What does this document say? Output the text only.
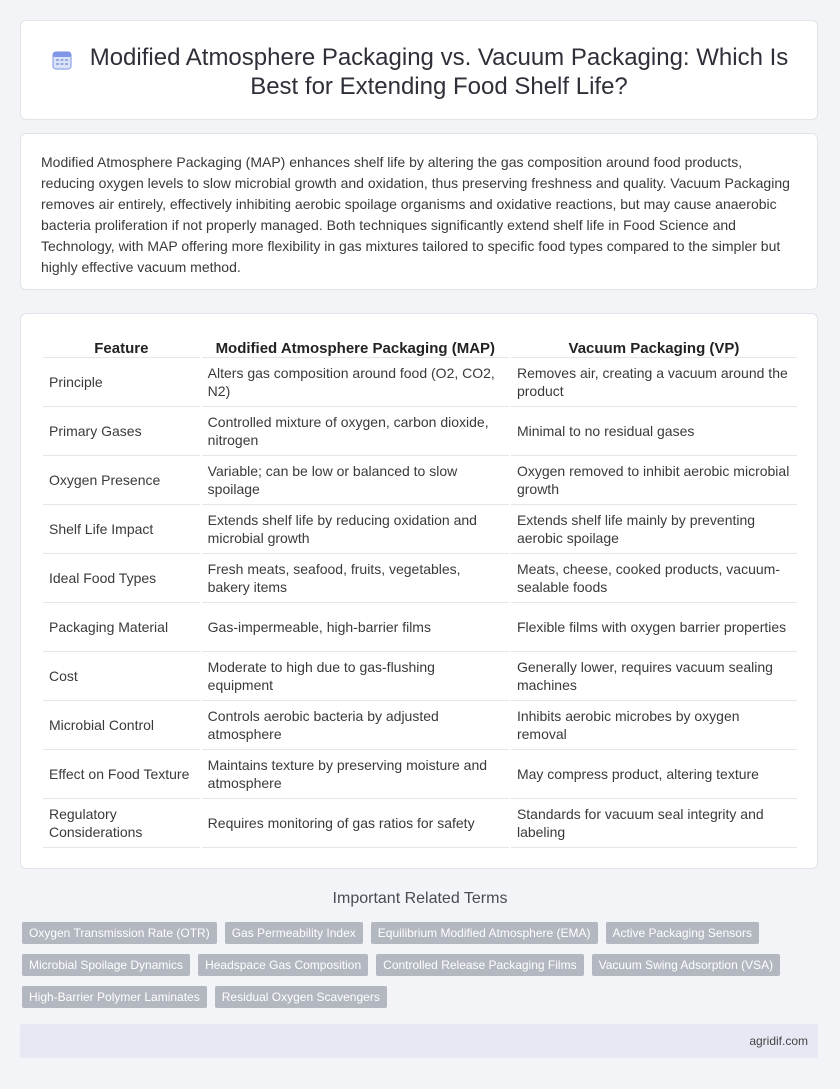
Modified Atmosphere Packaging vs. Vacuum Packaging: Which Is Best for Extending Food Shelf Life?

Modified Atmosphere Packaging (MAP) enhances shelf life by altering the gas composition around food products, reducing oxygen levels to slow microbial growth and oxidation, thus preserving freshness and quality. Vacuum Packaging removes air entirely, effectively inhibiting aerobic spoilage organisms and oxidative reactions, but may cause anaerobic bacteria proliferation if not properly managed. Both techniques significantly extend shelf life in Food Science and Technology, with MAP offering more flexibility in gas mixtures tailored to specific food types compared to the simpler but highly effective vacuum method.

Feature	Modified Atmosphere Packaging (MAP)	Vacuum Packaging (VP)
Principle	Alters gas composition around food (O2, CO2, N2)	Removes air, creating a vacuum around the product
Primary Gases	Controlled mixture of oxygen, carbon dioxide, nitrogen	Minimal to no residual gases
Oxygen Presence	Variable; can be low or balanced to slow spoilage	Oxygen removed to inhibit aerobic microbial growth
Shelf Life Impact	Extends shelf life by reducing oxidation and microbial growth	Extends shelf life mainly by preventing aerobic spoilage
Ideal Food Types	Fresh meats, seafood, fruits, vegetables, bakery items	Meats, cheese, cooked products, vacuum-sealable foods
Packaging Material	Gas-impermeable, high-barrier films	Flexible films with oxygen barrier properties
Cost	Moderate to high due to gas-flushing equipment	Generally lower, requires vacuum sealing machines
Microbial Control	Controls aerobic bacteria by adjusted atmosphere	Inhibits aerobic microbes by oxygen removal
Effect on Food Texture	Maintains texture by preserving moisture and atmosphere	May compress product, altering texture
Regulatory Considerations	Requires monitoring of gas ratios for safety	Standards for vacuum seal integrity and labeling
Important Related Terms
Oxygen Transmission Rate (OTR)	Gas Permeability Index	Equilibrium Modified Atmosphere (EMA)	Active Packaging Sensors
Microbial Spoilage Dynamics	Headspace Gas Composition	Controlled Release Packaging Films	Vacuum Swing Adsorption (VSA)
High-Barrier Polymer Laminates	Residual Oxygen Scavengers
agridif.com
